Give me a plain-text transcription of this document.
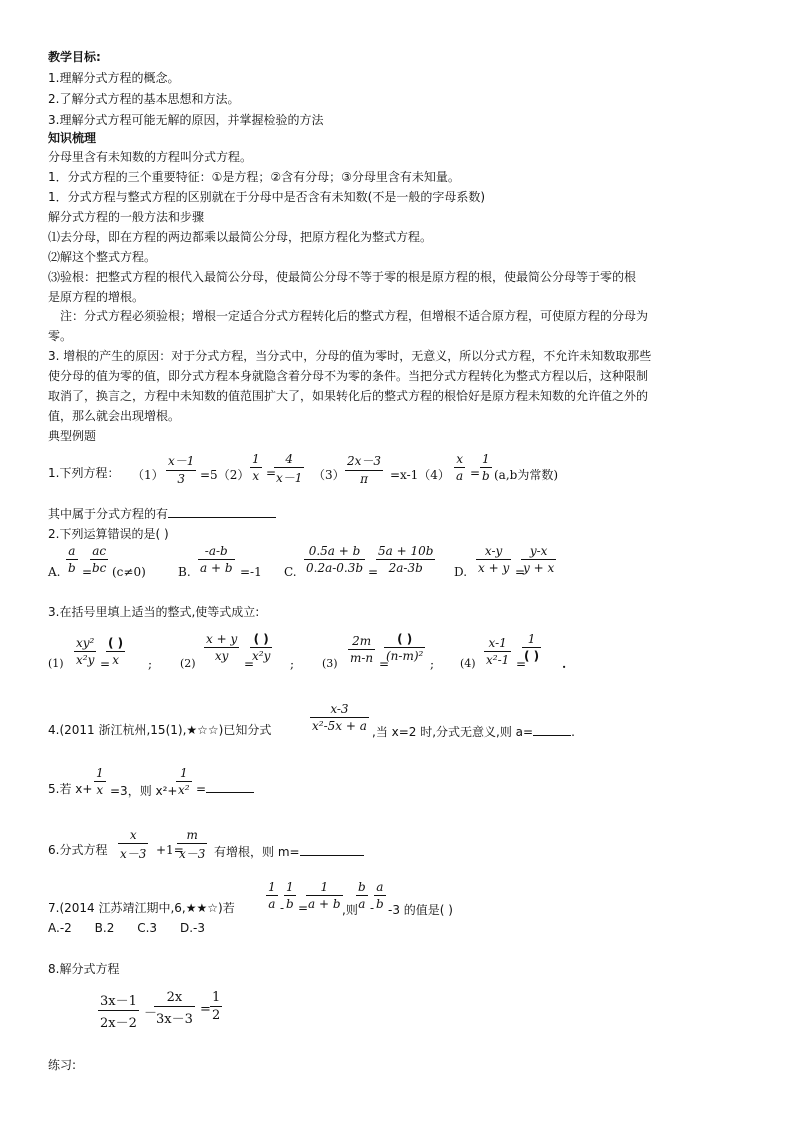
教学目标:
1.理解分式方程的概念。
2.了解分式方程的基本思想和方法。
3.理解分式方程可能无解的原因，并掌握检验的方法
知识梳理
分母里含有未知数的方程叫分式方程。
1．分式方程的三个重要特征：①是方程；②含有分母；③分母里含有未知量。
1．分式方程与整式方程的区别就在于分母中是否含有未知数(不是一般的字母系数)
解分式方程的一般方法和步骤
⑴去分母，即在方程的两边都乘以最简公分母，把原方程化为整式方程。
⑵解这个整式方程。
⑶验根：把整式方程的根代入最简公分母，使最简公分母不等于零的根是原方程的根，使最简公分母等于零的根
是原方程的增根。
注：分式方程必须验根；增根一定适合分式方程转化后的整式方程，但增根不适合原方程，可使原方程的分母为
零。
3. 增根的产生的原因：对于分式方程，当分式中，分母的值为零时，无意义，所以分式方程，不允许未知数取那些
使分母的值为零的值，即分式方程本身就隐含着分母不为零的条件。当把分式方程转化为整式方程以后，这种限制
取消了，换言之，方程中未知数的值范围扩大了，如果转化后的整式方程的根恰好是原方程未知数的允许值之外的
值，那么就会出现增根。
典型例题
1.下列方程： $(1) \frac{x-1}{3} =5(2) \frac{1}{x}$ =
$\frac{4}{x-1} (3) \frac{2x-3}{\pi} =x-1(4) \frac{x}{a} = \frac{1}{b} (a,b$为常数)
其中属于分式方程的有
2.下列运算错误的是( )
A. $\frac{a}{b}$ =
$\frac{ac}{bc} (c\ne 0)$	B. $\frac{-a-b}{a + b} =-1$ C. $\frac{0.5a + b}{0.2a-0.3b}$ =
$\frac{5a + 10b}{2a-3b} D$. $\frac{x-y}{x + y}$ =
$\frac{y-x}{y + x}$
3.在括号里填上适当的整式,使等式成立:
$(1) \frac{\text{xy²}}{\text{x²y}}$ =
( )
x	;	(2)
$\frac{x + y}{xy}$
=
( )
x²y
;	$(3) \frac{2m}{m-n}$ =
( )
(n-m)²
; $(4) \frac{x-1}{\text{x²-1}}$ =
1
( )
.
4.(2011 浙江杭州,15(1),★☆☆)已知分式	$\frac{x-3}{\text{x²-5x + a}}$ ,当 x=2 时,分式无意义,则 a=	.
5.若 $x+ \frac{1}{x} =3$，则 x²+
$\frac{1}{\text{x²}}$ =
6.分式方程 $\frac{x}{x-3} +1=$
$\frac{m}{x-3}$ 有增根，则 m=
7.(2014 江苏靖江期中,6,★★☆)若	$\frac{1}{a} - \frac{1}{b}$ =
$\frac{1}{a + b}$ ,则
$\frac{b}{a} - \frac{a}{b} -3$ 的值是( )
A.-2      B.2      C.3      D.-3
8.解分式方程
$\frac{3x-1}{2x-2}$ －
$\frac{2x}{3x-3} = \frac{1}{2}$
练习:
